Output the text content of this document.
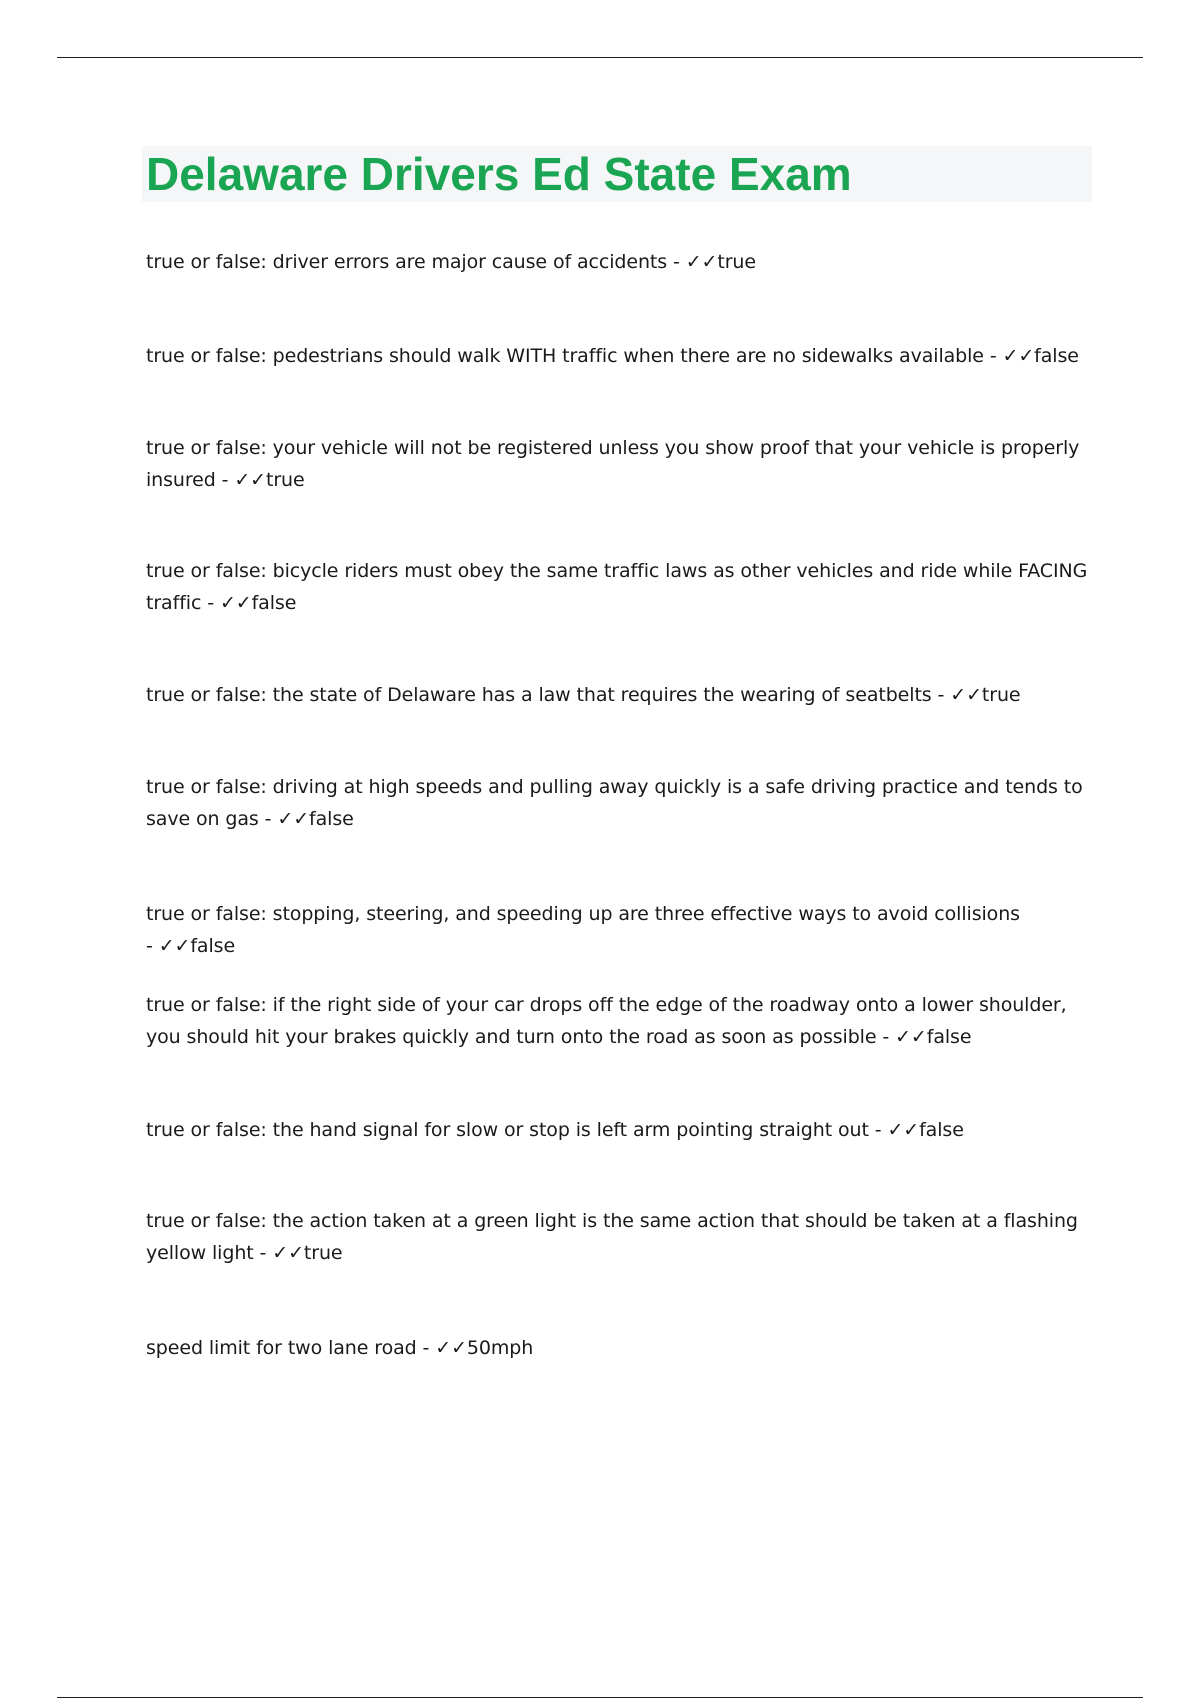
Delaware Drivers Ed State Exam

true or false: driver errors are major cause of accidents - ✓✓true

true or false: pedestrians should walk WITH traffic when there are no sidewalks available - ✓✓false

true or false: your vehicle will not be registered unless you show proof that your vehicle is properly insured - ✓✓true

true or false: bicycle riders must obey the same traffic laws as other vehicles and ride while FACING traffic - ✓✓false

true or false: the state of Delaware has a law that requires the wearing of seatbelts - ✓✓true

true or false: driving at high speeds and pulling away quickly is a safe driving practice and tends to save on gas - ✓✓false

true or false: stopping, steering, and speeding up are three effective ways to avoid collisions - ✓✓false

true or false: if the right side of your car drops off the edge of the roadway onto a lower shoulder, you should hit your brakes quickly and turn onto the road as soon as possible - ✓✓false

true or false: the hand signal for slow or stop is left arm pointing straight out - ✓✓false

true or false: the action taken at a green light is the same action that should be taken at a flashing yellow light - ✓✓true

speed limit for two lane road - ✓✓50mph
